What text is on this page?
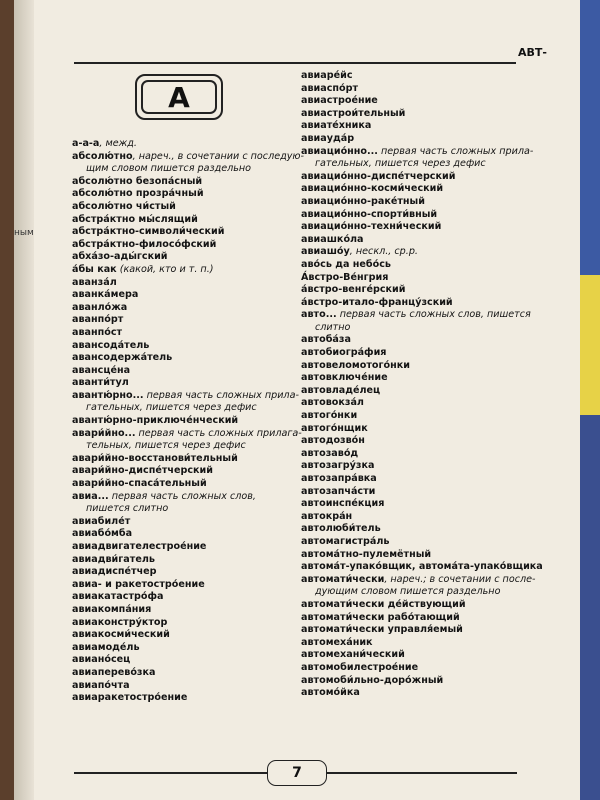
ным
АВТ-
А
а-а-а, межд.
абсолю́тно, нареч., в сочетании с последую-
щим словом пишется раздельно
абсолю́тно безопа́сный
абсолю́тно прозра́чный
абсолю́тно чи́стый
абстра́ктно мы́слящий
абстра́ктно-символи́ческий
абстра́ктно-филосо́фский
абха́зо-ады́гский
а́бы как (какой, кто и т. п.)
аванза́л
аванка́мера
аванло́жа
аванпо́рт
аванпо́ст
авансода́тель
авансодержа́тель
авансце́на
аванти́тул
авантю́рно... первая часть сложных прила-
гательных, пишется через дефис
авантю́рно-приключе́нческий
авари́йно... первая часть сложных прилага-
тельных, пишется через дефис
авари́йно-восстанови́тельный
авари́йно-диспе́тчерский
авари́йно-спаса́тельный
авиа... первая часть сложных слов,
пишется слитно
авиабиле́т
авиабо́мба
авиадвигателестрое́ние
авиадви́гатель
авиадиспе́тчер
авиа- и ракетостро́ение
авиакатастро́фа
авиакомпа́ния
авиаконстру́ктор
авиакосми́ческий
авиамоде́ль
авиано́сец
авиаперево́зка
авиапо́чта
авиаракетостро́ение
авиаре́йс
авиаспо́рт
авиастрое́ние
авиастрои́тельный
авиате́хника
авиауда́р
авиацио́нно... первая часть сложных прила-
гательных, пишется через дефис
авиацио́нно-диспе́тчерский
авиацио́нно-косми́ческий
авиацио́нно-раке́тный
авиацио́нно-спорти́вный
авиацио́нно-техни́ческий
авиашко́ла
авиашо́у, нескл., ср.р.
аво́сь да небо́сь
А́встро-Ве́нгрия
а́встро-венге́рский
а́встро-итало-францу́зский
авто... первая часть сложных слов, пишется
слитно
автоба́за
автобиогра́фия
автовеломотого́нки
автовключе́ние
автовладе́лец
автовокза́л
автого́нки
автого́нщик
автодозво́н
автозаво́д
автозагру́зка
автозапра́вка
автозапча́сти
автоинспе́кция
автокра́н
автолюби́тель
автомагистра́ль
автома́тно-пулемётный
автома́т-упако́вщик, автома́та-упако́вщика
автомати́чески, нареч.; в сочетании с после-
дующим словом пишется раздельно
автомати́чески де́йствующий
автомати́чески рабо́тающий
автомати́чески управля́емый
автомеха́ник
автомехани́ческий
автомобилестрое́ние
автомоби́льно-доро́жный
автомо́йка
7
